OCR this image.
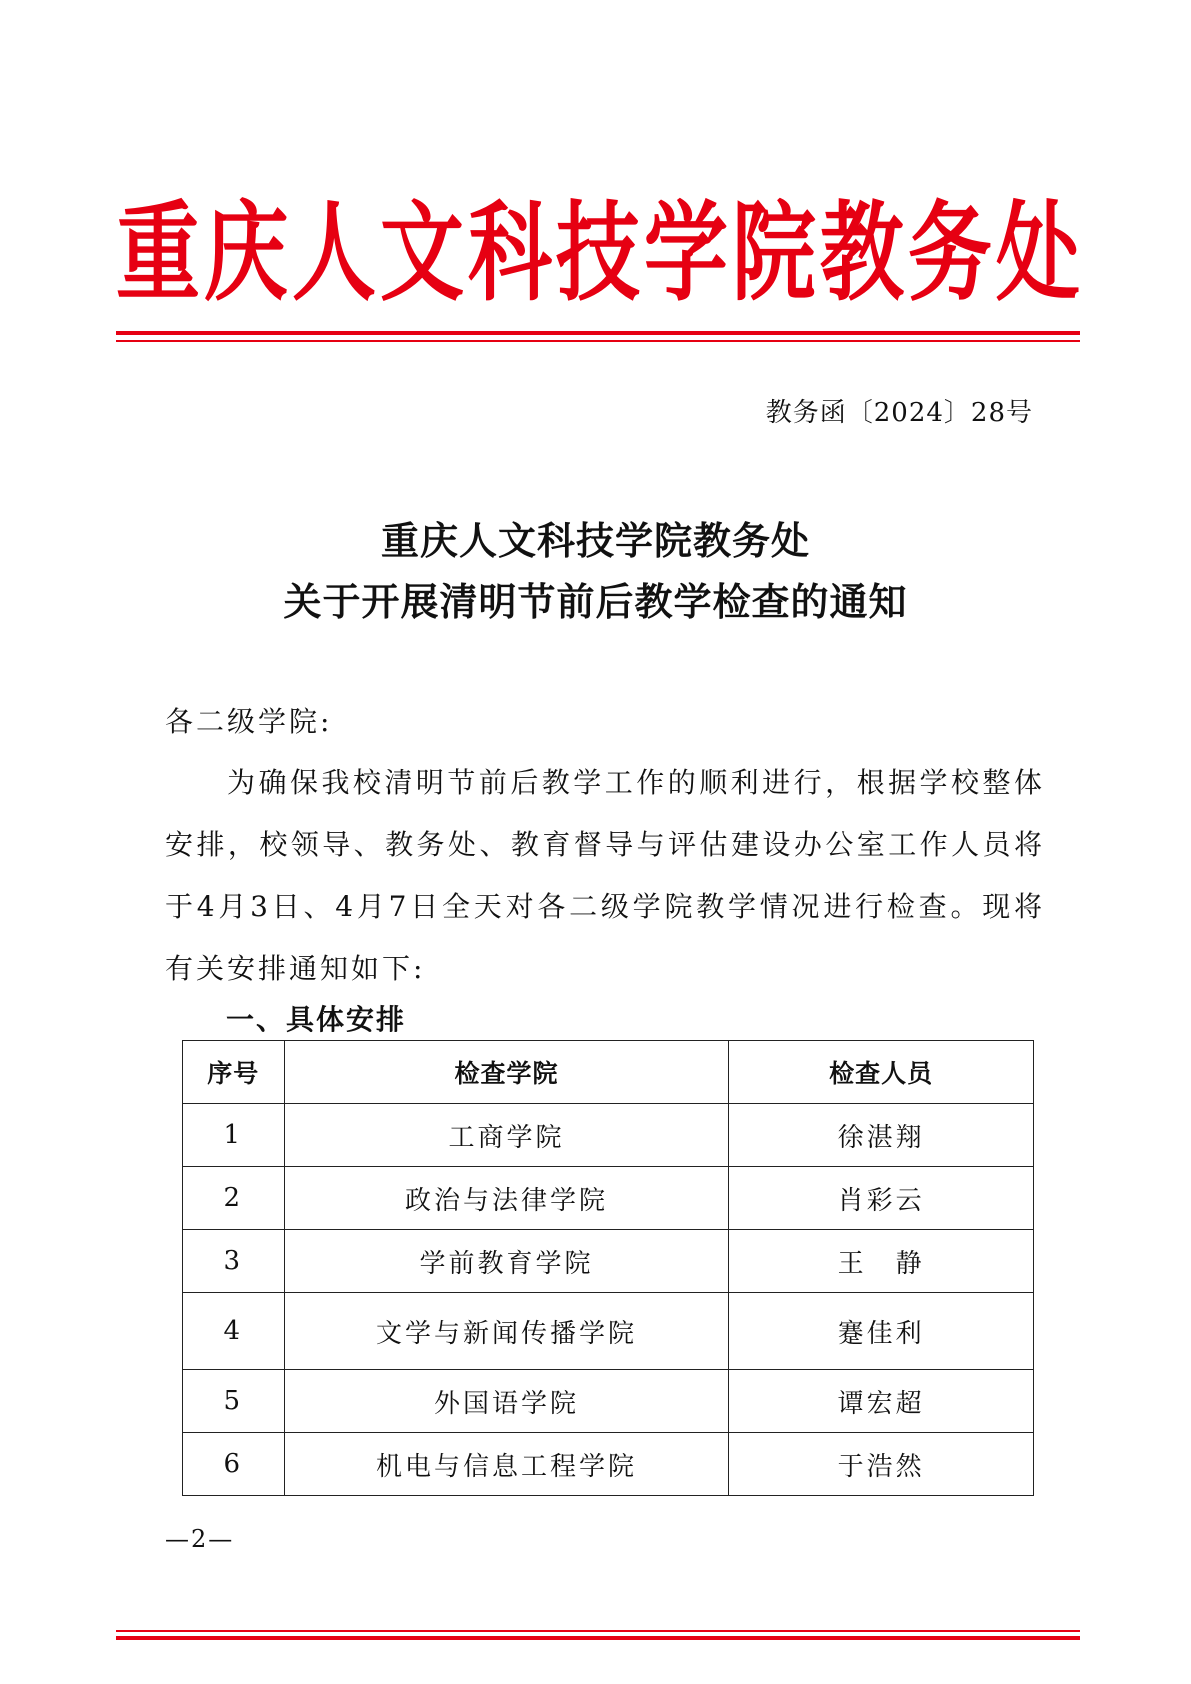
重 庆 人 文 科 技 学 院 教 务 处
教务函〔2024〕28号
重庆人文科技学院教务处
关于开展清明节前后教学检查的通知
各二级学院:
为确保我校清明节前后教学工作的顺利进行，根据学校整体安排，校领导、教务处、教育督导与评估建设办公室工作人员将于4月3日、4月7日全天对各二级学院教学情况进行检查。现将有关安排通知如下:
一、具体安排
序号	检查学院	检查人员
1	工商学院	徐湛翔
2	政治与法律学院	肖彩云
3	学前教育学院	王　静
4	文学与新闻传播学院	蹇佳利
5	外国语学院	谭宏超
6	机电与信息工程学院	于浩然
—2—
